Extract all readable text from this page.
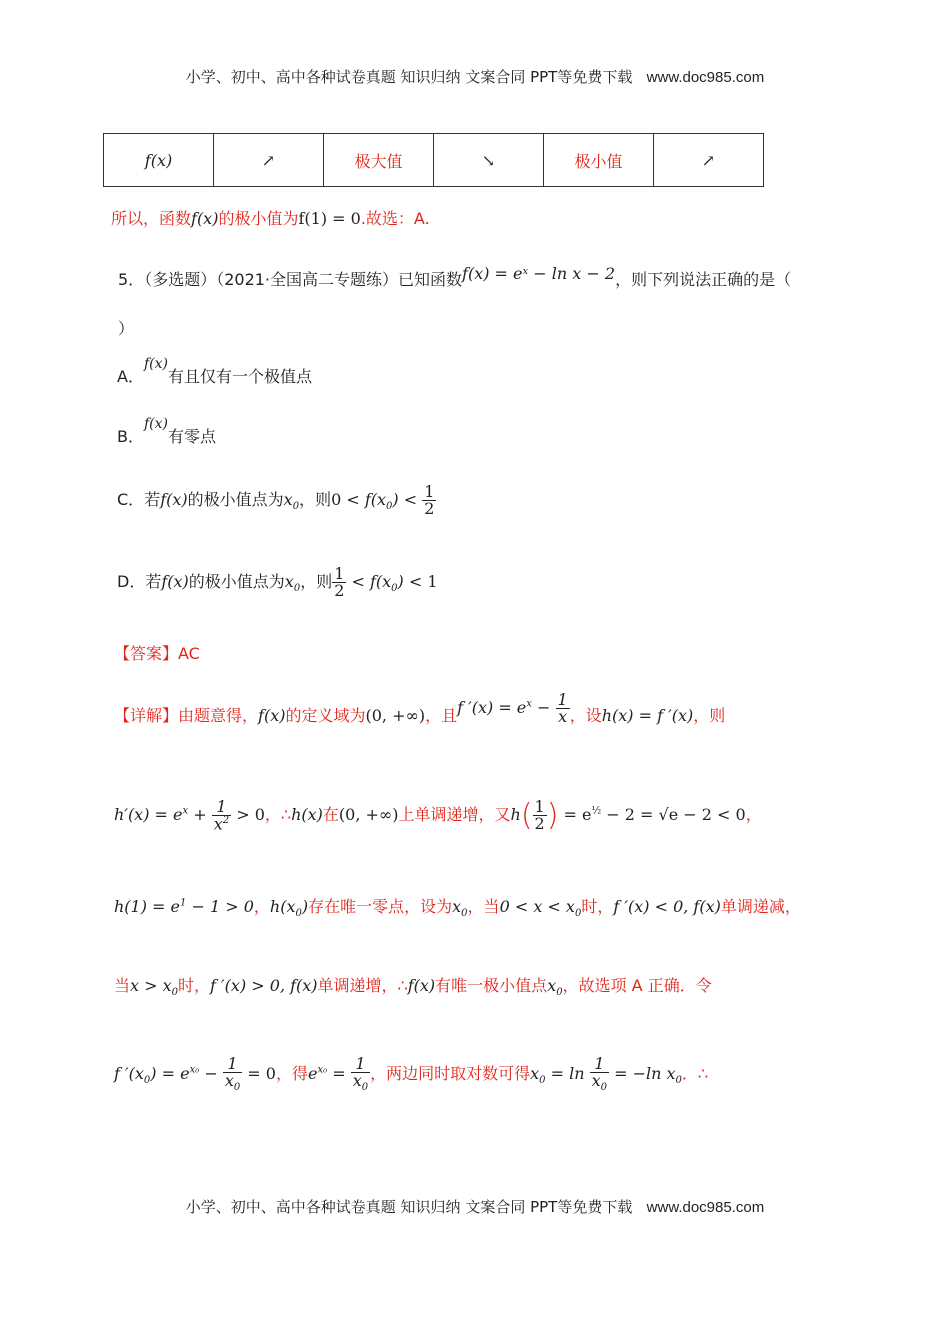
小学、初中、高中各种试卷真题 知识归纳 文案合同 PPT等免费下载 www.doc985.com
f(x)	↗	极大值	↘	极小值	↗
所以，函数f(x)的极小值为f(1) = 0.故选：A.
5．（多选题）（2021·全国高二专题练）已知函数f(x) = eˣ − ln x − 2，则下列说法正确的是（
）
A．f(x)有且仅有一个极值点
B．f(x)有零点
C．若f(x)的极小值点为$x_0$，则$0 < f(x_0) < \frac{1}{2}$
D．若f(x)的极小值点为$x_0$，则 $\frac{1}{2} < f(x_0) < 1$
【答案】AC
【详解】由题意得，f(x)的定义域为(0, +∞)，且f $'(x) = e^x - \frac{1}{x}$ ，设h(x) = f ′(x)，则
$h'(x) = e^x + \frac{1}{x^2} > 0$，∴h(x)在(0, +∞)上单调递增，又$h( \frac{1}{2}$ ) = $e^{\frac{1}{2}} - 2 = √e - 2 < 0$，
$h(1) = e^1 - 1 > 0$，$h(x_0)$存在唯一零点，设为$x_0$，当$0 < x < x_0$时，f ′(x) < 0, f(x)单调递减，
当$x > x_0$时，f ′(x) > 0, f(x)单调递增，∴f(x)有唯一极小值点$x_0$，故选项 A 正确．令
f $'(x_0) = e^{x_0} - \frac{1}{x_0} = 0$，得$e^{x_0} = \frac{1}{x_0}$ ，两边同时取对数可得$x_0 = \ln \frac{1}{x_0} = -\ln$ $x_0$．∴
小学、初中、高中各种试卷真题 知识归纳 文案合同 PPT等免费下载 www.doc985.com
